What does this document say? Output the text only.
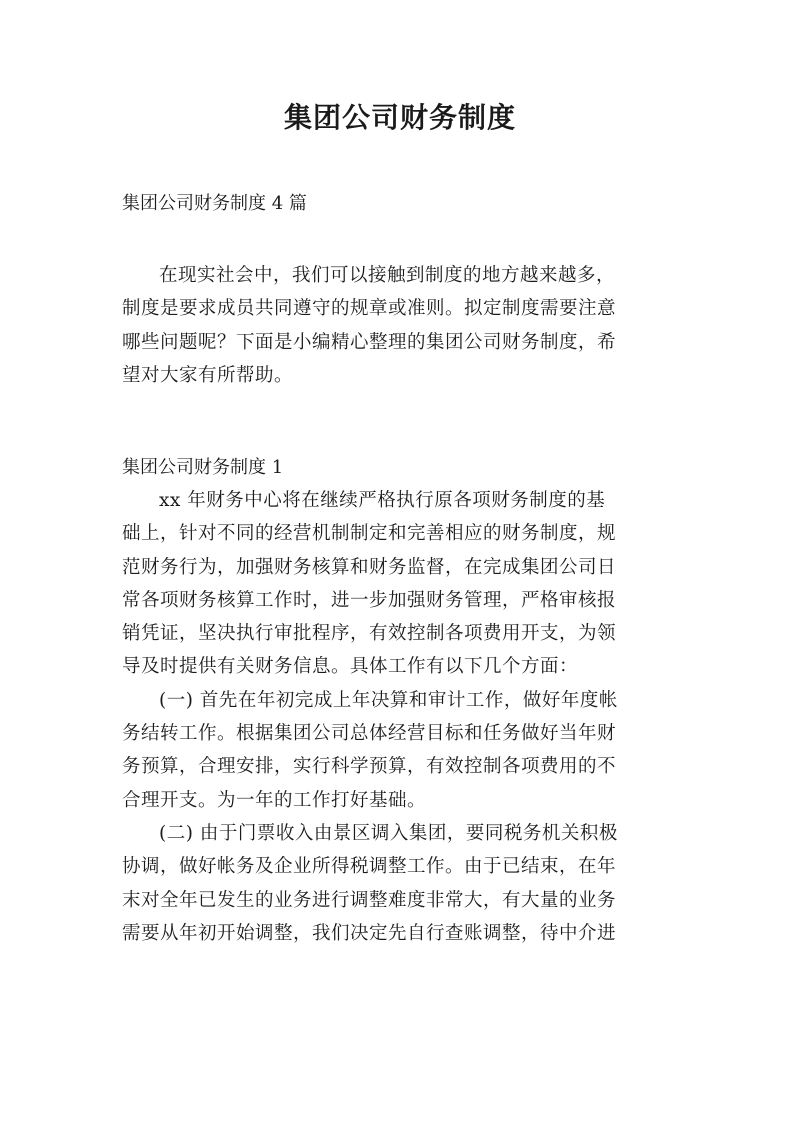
集团公司财务制度
集团公司财务制度 4 篇
在现实社会中，我们可以接触到制度的地方越来越多，
制度是要求成员共同遵守的规章或准则。拟定制度需要注意
哪些问题呢？下面是小编精心整理的集团公司财务制度，希
望对大家有所帮助。
集团公司财务制度 1
xx 年财务中心将在继续严格执行原各项财务制度的基
础上，针对不同的经营机制制定和完善相应的财务制度，规
范财务行为，加强财务核算和财务监督，在完成集团公司日
常各项财务核算工作时，进一步加强财务管理，严格审核报
销凭证，坚决执行审批程序，有效控制各项费用开支，为领
导及时提供有关财务信息。具体工作有以下几个方面：
(一) 首先在年初完成上年决算和审计工作，做好年度帐
务结转工作。根据集团公司总体经营目标和任务做好当年财
务预算，合理安排，实行科学预算，有效控制各项费用的不
合理开支。为一年的工作打好基础。
(二) 由于门票收入由景区调入集团，要同税务机关积极
协调，做好帐务及企业所得税调整工作。由于已结束，在年
末对全年已发生的业务进行调整难度非常大，有大量的业务
需要从年初开始调整，我们决定先自行查账调整，待中介进
